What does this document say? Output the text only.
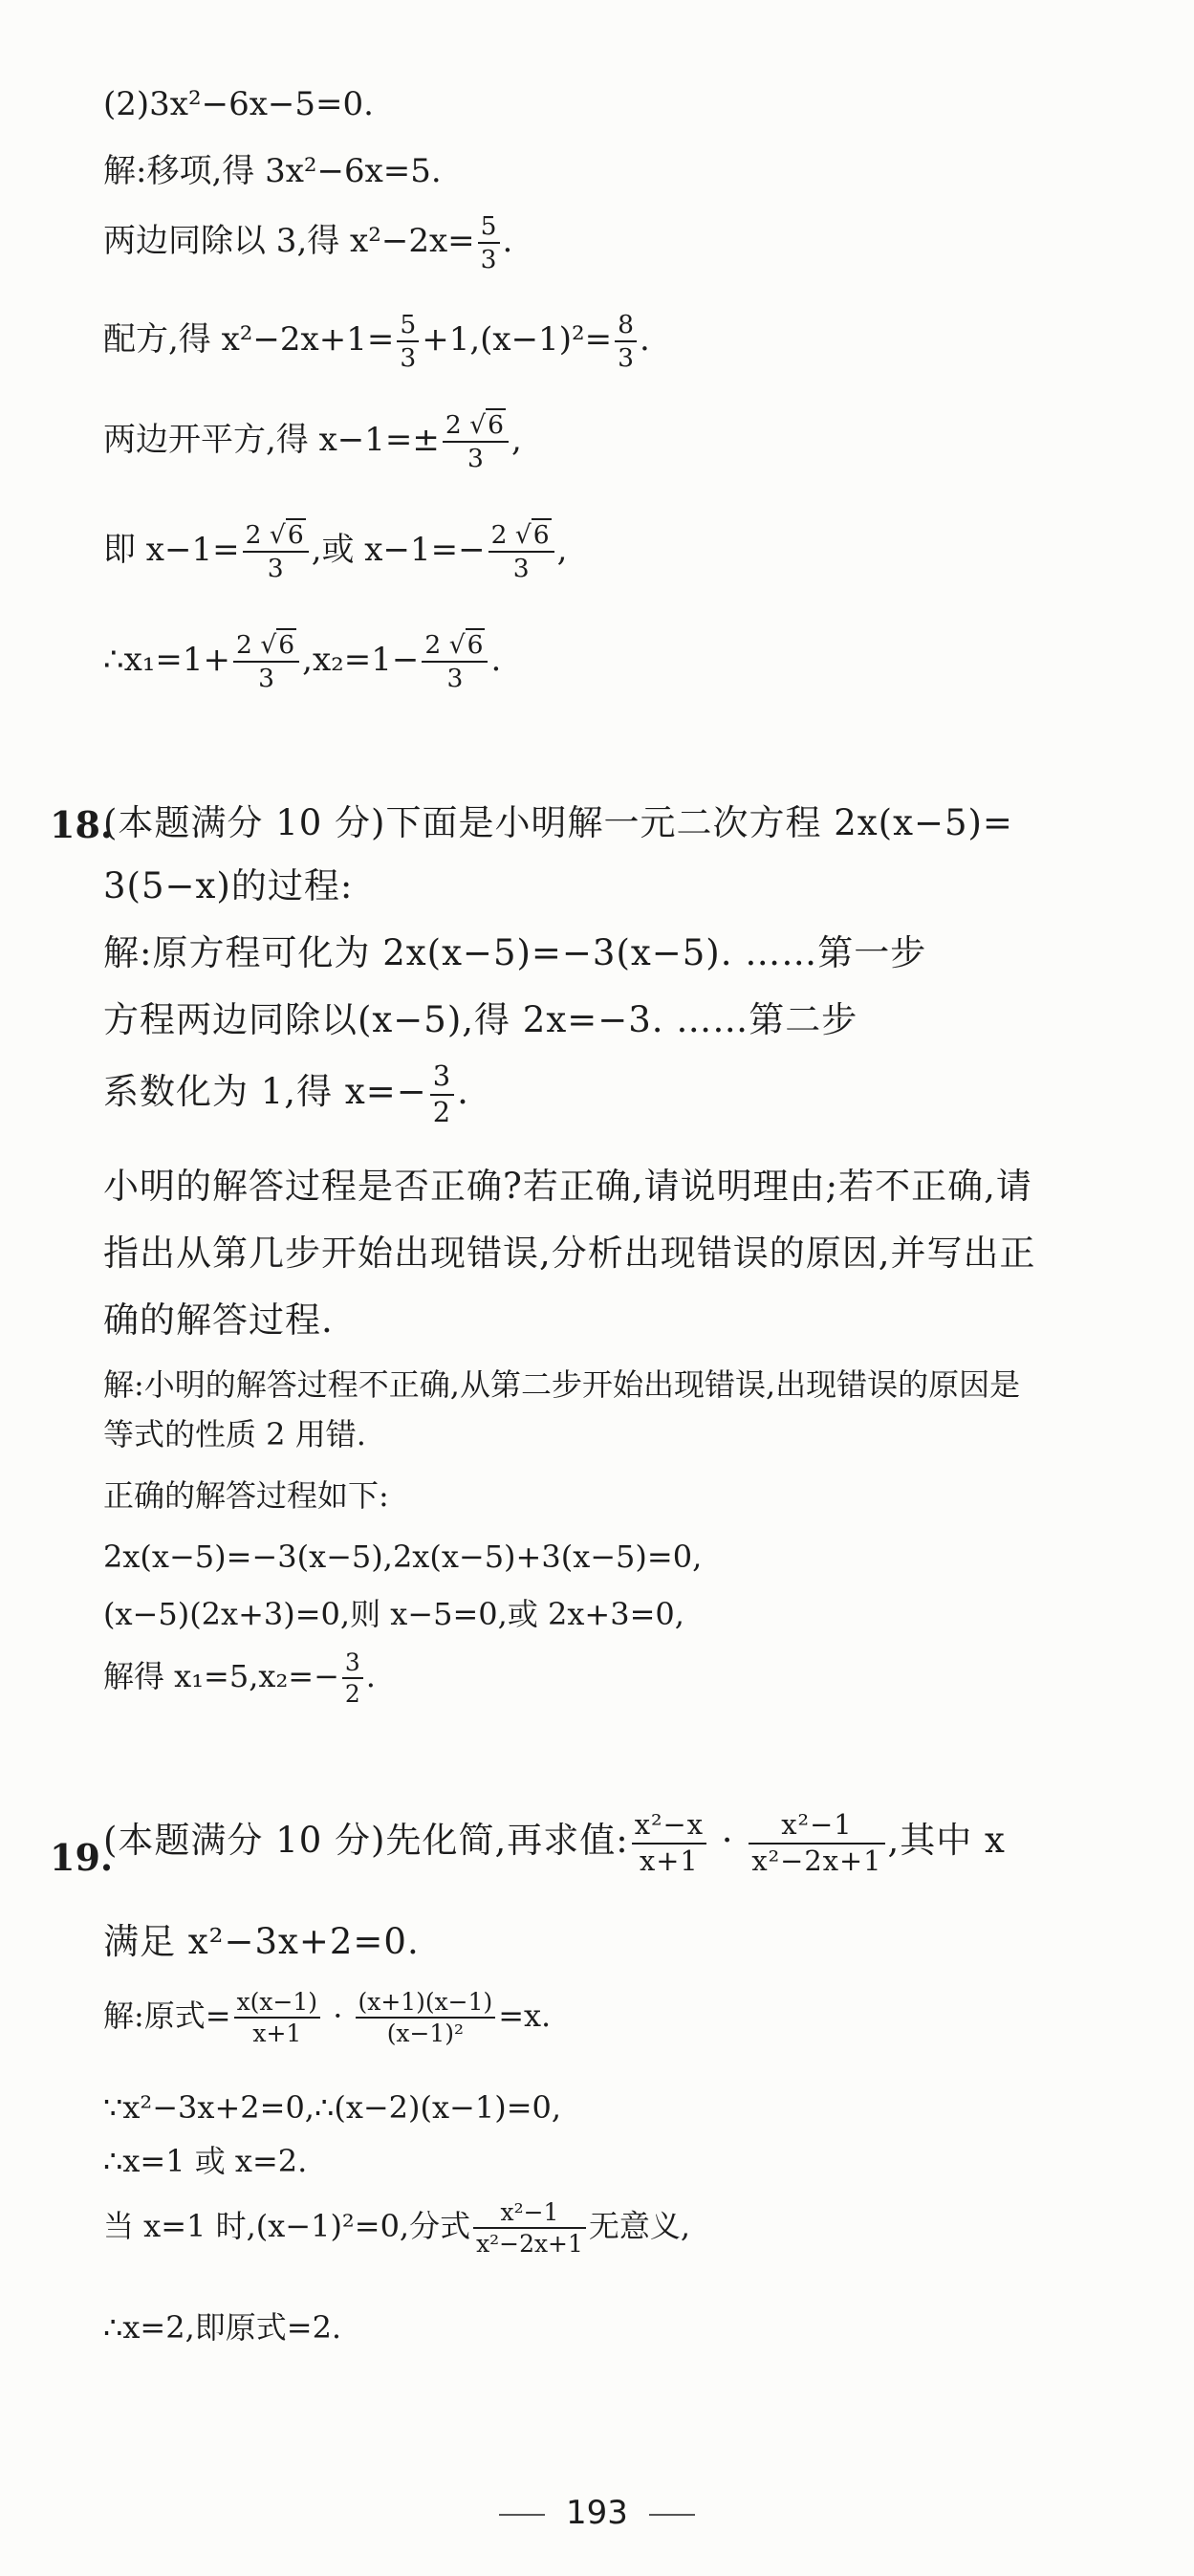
(2)3x²−6x−5=0.
解:移项,得 3x²−6x=5.
两边同除以 3,得 $x^2-2x= \frac{5}{3}$ .
配方,得 $x^2-2x+1= \frac{5}{3} +1,(x-1)^2= \frac{8}{3}$ .
两边开平方,得 $x-1=\pm \frac{2 √6}{3}$ ,
即 $x-1= \frac{2 √6}{3}$ ,或 $x-1=- \frac{2 √6}{3}$ ,
∴x₁=1+ $\frac{2 √6}{3} ,x_2=1- \frac{2 √6}{3}$ .
18.
(本题满分 10 分)下面是小明解一元二次方程 2x(x−5)=
3(5−x)的过程:
解:原方程可化为 2x(x−5)=−3(x−5). ……第一步
方程两边同除以(x−5),得 2x=−3. ……第二步
系数化为 1,得 $x=- \frac{3}{2}$ .
小明的解答过程是否正确?若正确,请说明理由;若不正确,请
指出从第几步开始出现错误,分析出现错误的原因,并写出正
确的解答过程.
解:小明的解答过程不正确,从第二步开始出现错误,出现错误的原因是
等式的性质 2 用错.
正确的解答过程如下:
2x(x−5)=−3(x−5),2x(x−5)+3(x−5)=0,
(x−5)(2x+3)=0,则 x−5=0,或 2x+3=0,
解得 $x_1=5,x_2=- \frac{3}{2}$ .
19.
(本题满分 10 分)先化简,再求值: $\frac{\text{x²−x}}{x+1} \cdot \frac{\text{x²−1}}{\text{x²−2x+1}}$ ,其中 x
满足 x²−3x+2=0.
解:原式= $\frac{x(x-1)}{x+1} \cdot \frac{(x+1)(x-1)}{\text{(x−1)²}} =x$.
∵x²−3x+2=0,∴(x−2)(x−1)=0,
∴x=1 或 x=2.
当 x=1 时,(x−1)²=0,分式 $\frac{\text{x²−1}}{\text{x²−2x+1}}$ 无意义,
∴x=2,即原式=2.
193
